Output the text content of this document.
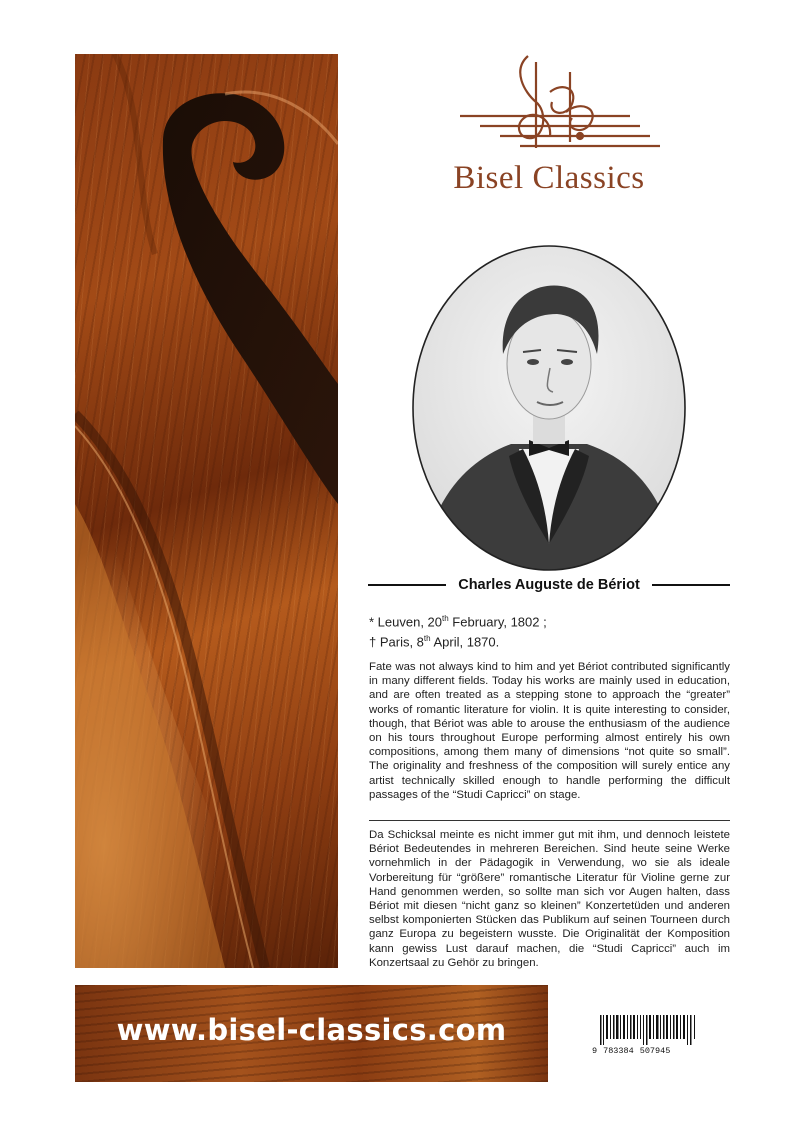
Bisel Classics
Charles Auguste de Bériot
* Leuven, 20th February, 1802 ;
† Paris, 8th April, 1870.

Fate was not always kind to him and yet Bériot contributed significantly in many different fields. Today his works are mainly used in education, and are often treated as a stepping stone to approach the “greater” works of romantic literature for violin. It is quite interesting to consider, though, that Bériot was able to arouse the enthusiasm of the audience on his tours throughout Europe performing almost entirely his own compositions, among them many of dimensions “not quite so small”. The originality and freshness of the composition will surely entice any artist technically skilled enough to handle performing the difficult passages of the “Studi Capricci” on stage.

Da Schicksal meinte es nicht immer gut mit ihm, und dennoch leistete Bériot Bedeutendes in mehreren Bereichen. Sind heute seine Werke vornehmlich in der Pädagogik in Verwendung, wo sie als ideale Vorbereitung für “größere” romantische Literatur für Violine gerne zur Hand genommen werden, so sollte man sich vor Augen halten, dass Bériot mit diesen “nicht ganz so kleinen” Konzertetüden und anderen selbst komponierten Stücken das Publikum auf seinen Tourneen durch ganz Europa zu begeistern wusste. Die Originalität der Komposition kann gewiss Lust darauf machen, die “Studi Capricci” auch im Konzertsaal zu Gehör zu bringen.

www.bisel-classics.com
9 783384 507945
